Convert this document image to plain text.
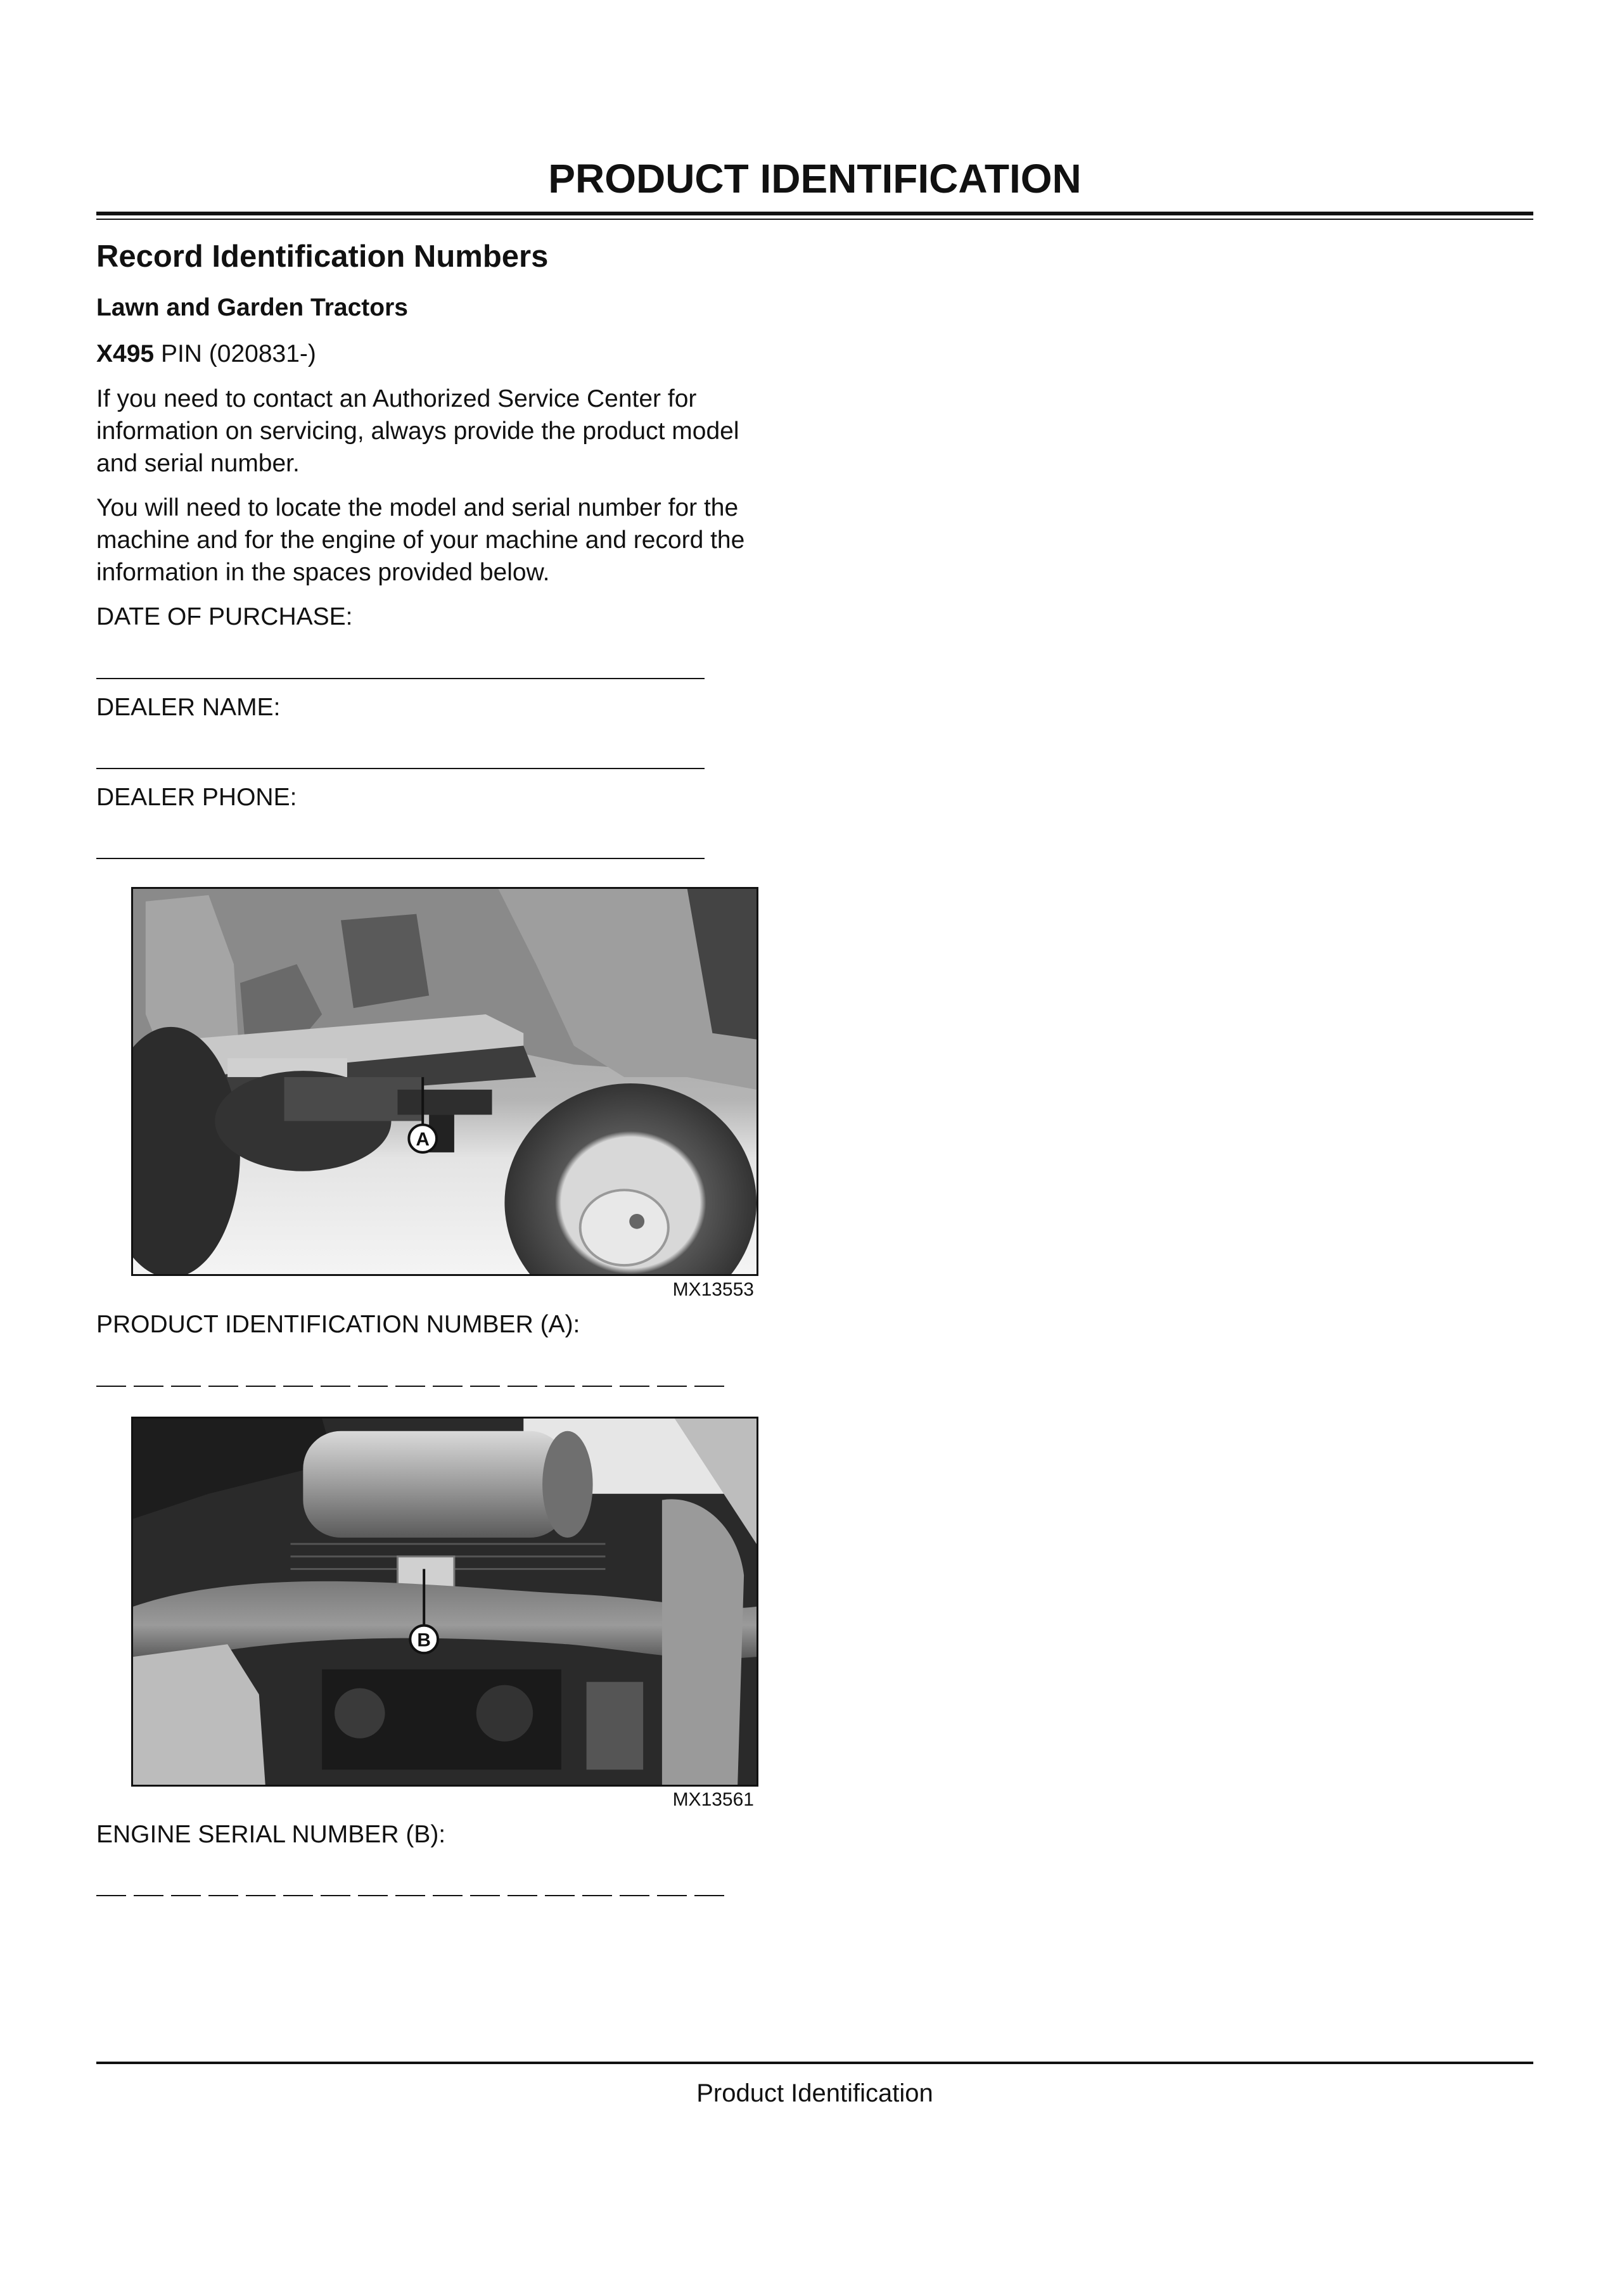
PRODUCT IDENTIFICATION
Record Identification Numbers
Lawn and Garden Tractors
X495 PIN (020831-)
If you need to contact an Authorized Service Center for
information on servicing, always provide the product model
and serial number.
You will need to locate the model and serial number for the
machine and for the engine of your machine and record the
information in the spaces provided below.
DATE OF PURCHASE:
DEALER NAME:
DEALER PHONE:
A
MX13553
PRODUCT IDENTIFICATION NUMBER (A):
B
MX13561
ENGINE SERIAL NUMBER (B):
Product Identification
